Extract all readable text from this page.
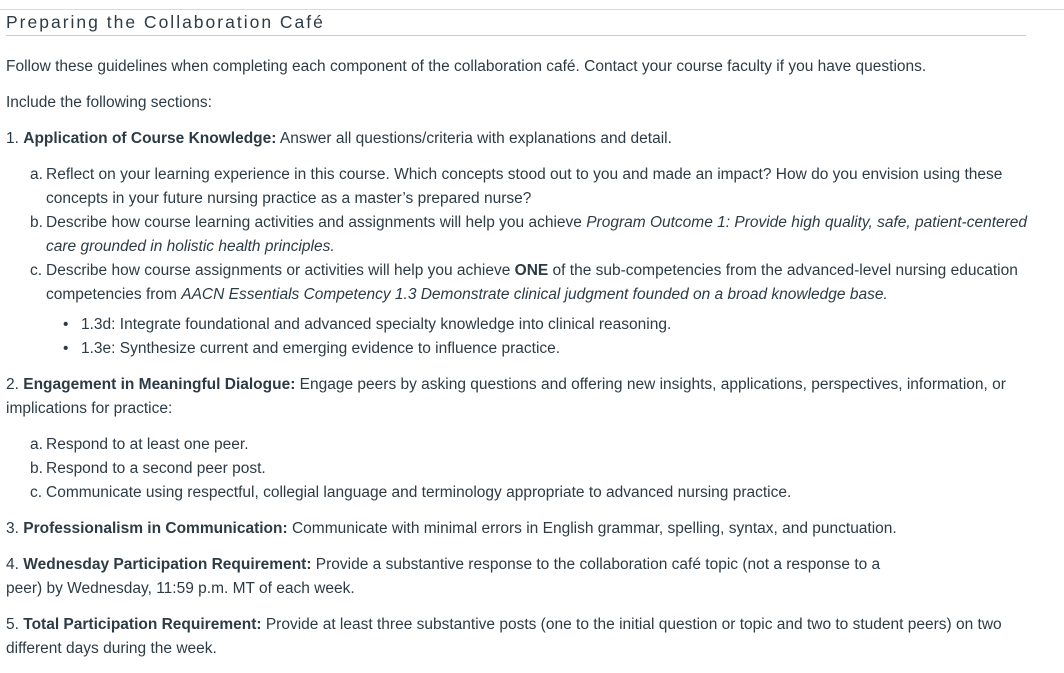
Preparing the Collaboration Café

Follow these guidelines when completing each component of the collaboration café. Contact your course faculty if you have questions.

Include the following sections:

1. Application of Course Knowledge: Answer all questions/criteria with explanations and detail.

a. Reflect on your learning experience in this course. Which concepts stood out to you and made an impact? How do you envision using these concepts in your future nursing practice as a master’s prepared nurse?
b. Describe how course learning activities and assignments will help you achieve Program Outcome 1: Provide high quality, safe, patient-centered care grounded in holistic health principles.
c. Describe how course assignments or activities will help you achieve ONE of the sub-competencies from the advanced-level nursing education competencies from AACN Essentials Competency 1.3 Demonstrate clinical judgment founded on a broad knowledge base.
• 1.3d: Integrate foundational and advanced specialty knowledge into clinical reasoning.
• 1.3e: Synthesize current and emerging evidence to influence practice.

2. Engagement in Meaningful Dialogue: Engage peers by asking questions and offering new insights, applications, perspectives, information, or implications for practice:

a. Respond to at least one peer.
b. Respond to a second peer post.
c. Communicate using respectful, collegial language and terminology appropriate to advanced nursing practice.

3. Professionalism in Communication: Communicate with minimal errors in English grammar, spelling, syntax, and punctuation.

4. Wednesday Participation Requirement: Provide a substantive response to the collaboration café topic (not a response to a peer) by Wednesday, 11:59 p.m. MT of each week.

5. Total Participation Requirement: Provide at least three substantive posts (one to the initial question or topic and two to student peers) on two different days during the week.
